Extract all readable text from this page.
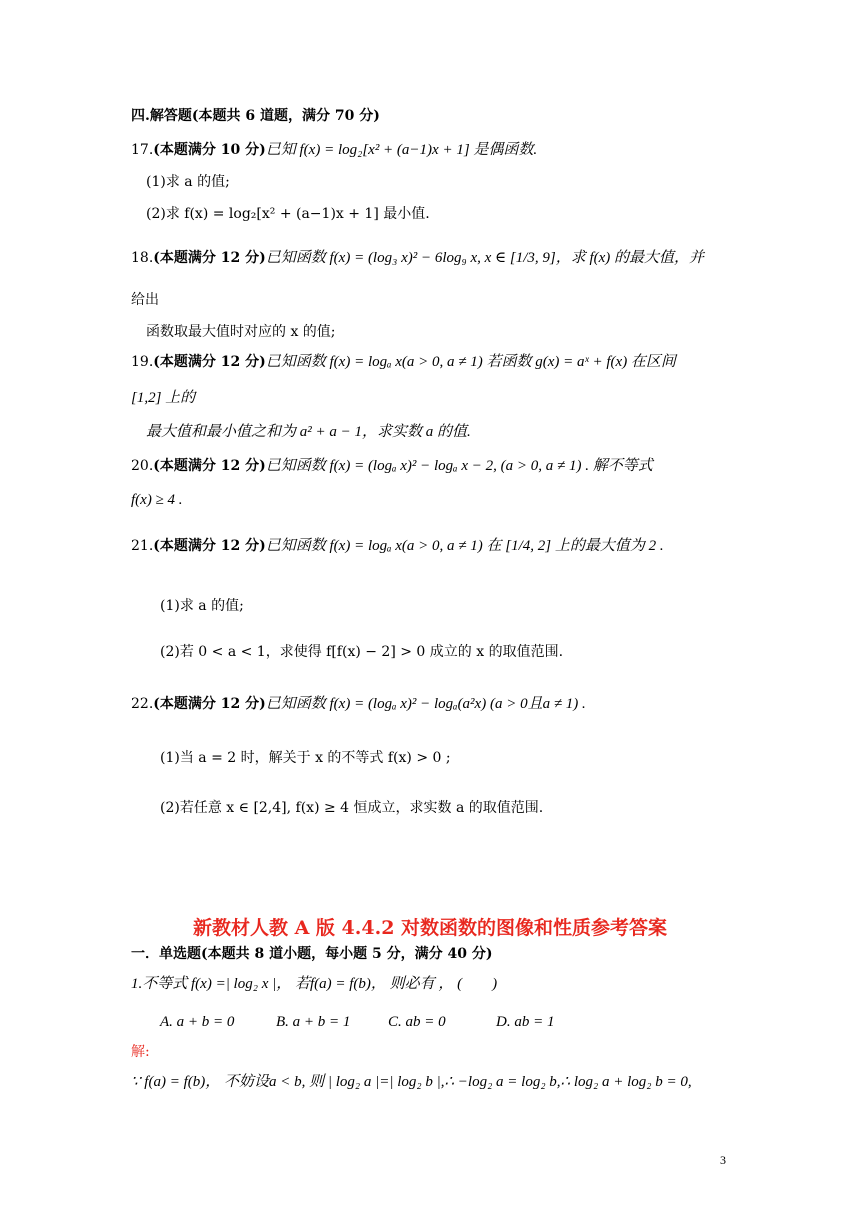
四.解答题(本题共 6 道题，满分 70 分)
17.(本题满分 10 分)已知 f(x) = log₂[x² + (a−1)x + 1] 是偶函数.
(1)求 a 的值;
(2)求 f(x) = log₂[x² + (a−1)x + 1] 最小值.
18.(本题满分 12 分)已知函数 f(x) = (log₃ x)² − 6log₉ x, x ∈ [1/3, 9]，求 f(x) 的最大值，并
给出
函数取最大值时对应的 x 的值;
19.(本题满分 12 分)已知函数 f(x) = logₐ x(a > 0, a ≠ 1) 若函数 g(x) = aˣ + f(x) 在区间
[1,2] 上的
最大值和最小值之和为 a² + a − 1，求实数 a 的值.
20.(本题满分 12 分)已知函数 f(x) = (logₐ x)² − logₐ x − 2, (a > 0, a ≠ 1) . 解不等式
f(x) ≥ 4 .
21.(本题满分 12 分)已知函数 f(x) = logₐ x(a > 0, a ≠ 1) 在 [1/4, 2] 上的最大值为 2 .
(1)求 a 的值;
(2)若 0 < a < 1，求使得 f[f(x) − 2] > 0 成立的 x 的取值范围.
22.(本题满分 12 分)已知函数 f(x) = (logₐ x)² − logₐ(a²x) (a > 0且a ≠ 1) .
(1)当 a = 2 时，解关于 x 的不等式 f(x) > 0 ;
(2)若任意 x ∈ [2,4], f(x) ≥ 4 恒成立，求实数 a 的取值范围.
新教材人教 A 版 4.4.2 对数函数的图像和性质参考答案
一．单选题(本题共 8 道小题，每小题 5 分，满分 40 分)
1.不等式 f(x) =| log₂ x |， 若f(a) = f(b)， 则必有 ， (　　)
A. a + b = 0	B. a + b = 1	C. ab = 0	D. ab = 1
解:
∵ f(a) = f(b)， 不妨设a < b, 则 | log₂ a |=| log₂ b |,∴ −log₂ a = log₂ b,∴ log₂ a + log₂ b = 0,
3
